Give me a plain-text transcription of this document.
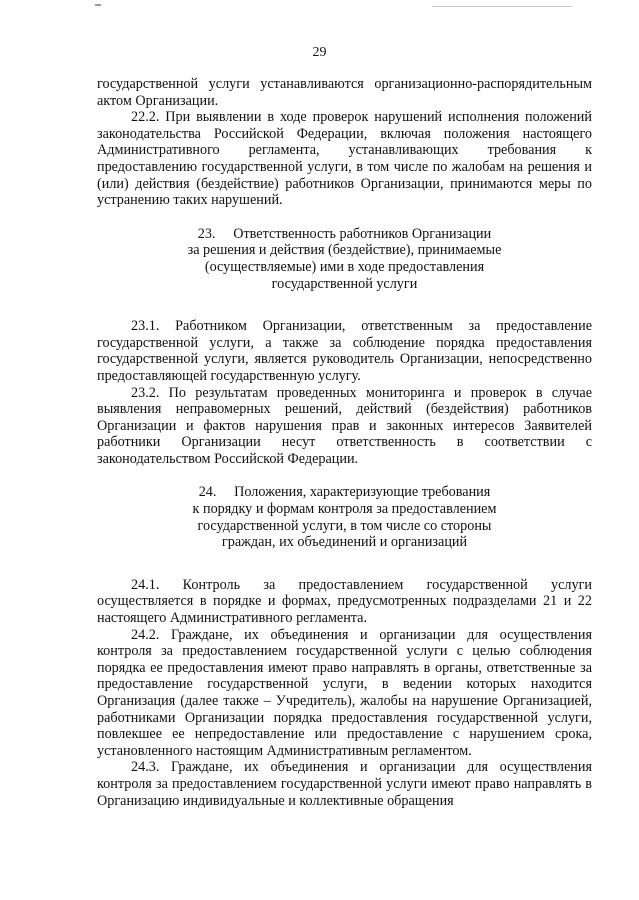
29

государственной услуги устанавливаются организационно-распорядительным актом Организации.

22.2. При выявлении в ходе проверок нарушений исполнения положений законодательства Российской Федерации, включая положения настоящего Административного регламента, устанавливающих требования к предоставлению государственной услуги, в том числе по жалобам на решения и (или) действия (бездействие) работников Организации, принимаются меры по устранению таких нарушений.

23.     Ответственность работников Организации
за решения и действия (бездействие), принимаемые
(осуществляемые) ими в ходе предоставления
государственной услуги

23.1. Работником Организации, ответственным за предоставление государственной услуги, а также за соблюдение порядка предоставления государственной услуги, является руководитель Организации, непосредственно предоставляющей государственную услугу.

23.2. По результатам проведенных мониторинга и проверок в случае выявления неправомерных решений, действий (бездействия) работников Организации и фактов нарушения прав и законных интересов Заявителей работники Организации несут ответственность в соответствии с законодательством Российской Федерации.

24.     Положения, характеризующие требования
к порядку и формам контроля за предоставлением
государственной услуги, в том числе со стороны
граждан, их объединений и организаций

24.1. Контроль за предоставлением государственной услуги осуществляется в порядке и формах, предусмотренных подразделами 21 и 22 настоящего Административного регламента.

24.2. Граждане, их объединения и организации для осуществления контроля за предоставлением государственной услуги с целью соблюдения порядка ее предоставления имеют право направлять в органы, ответственные за предоставление государственной услуги, в ведении которых находится Организация (далее также – Учредитель), жалобы на нарушение Организацией, работниками Организации порядка предоставления государственной услуги, повлекшее ее непредоставление или предоставление с нарушением срока, установленного настоящим Административным регламентом.

24.3. Граждане, их объединения и организации для осуществления контроля за предоставлением государственной услуги имеют право направлять в Организацию индивидуальные и коллективные обращения
